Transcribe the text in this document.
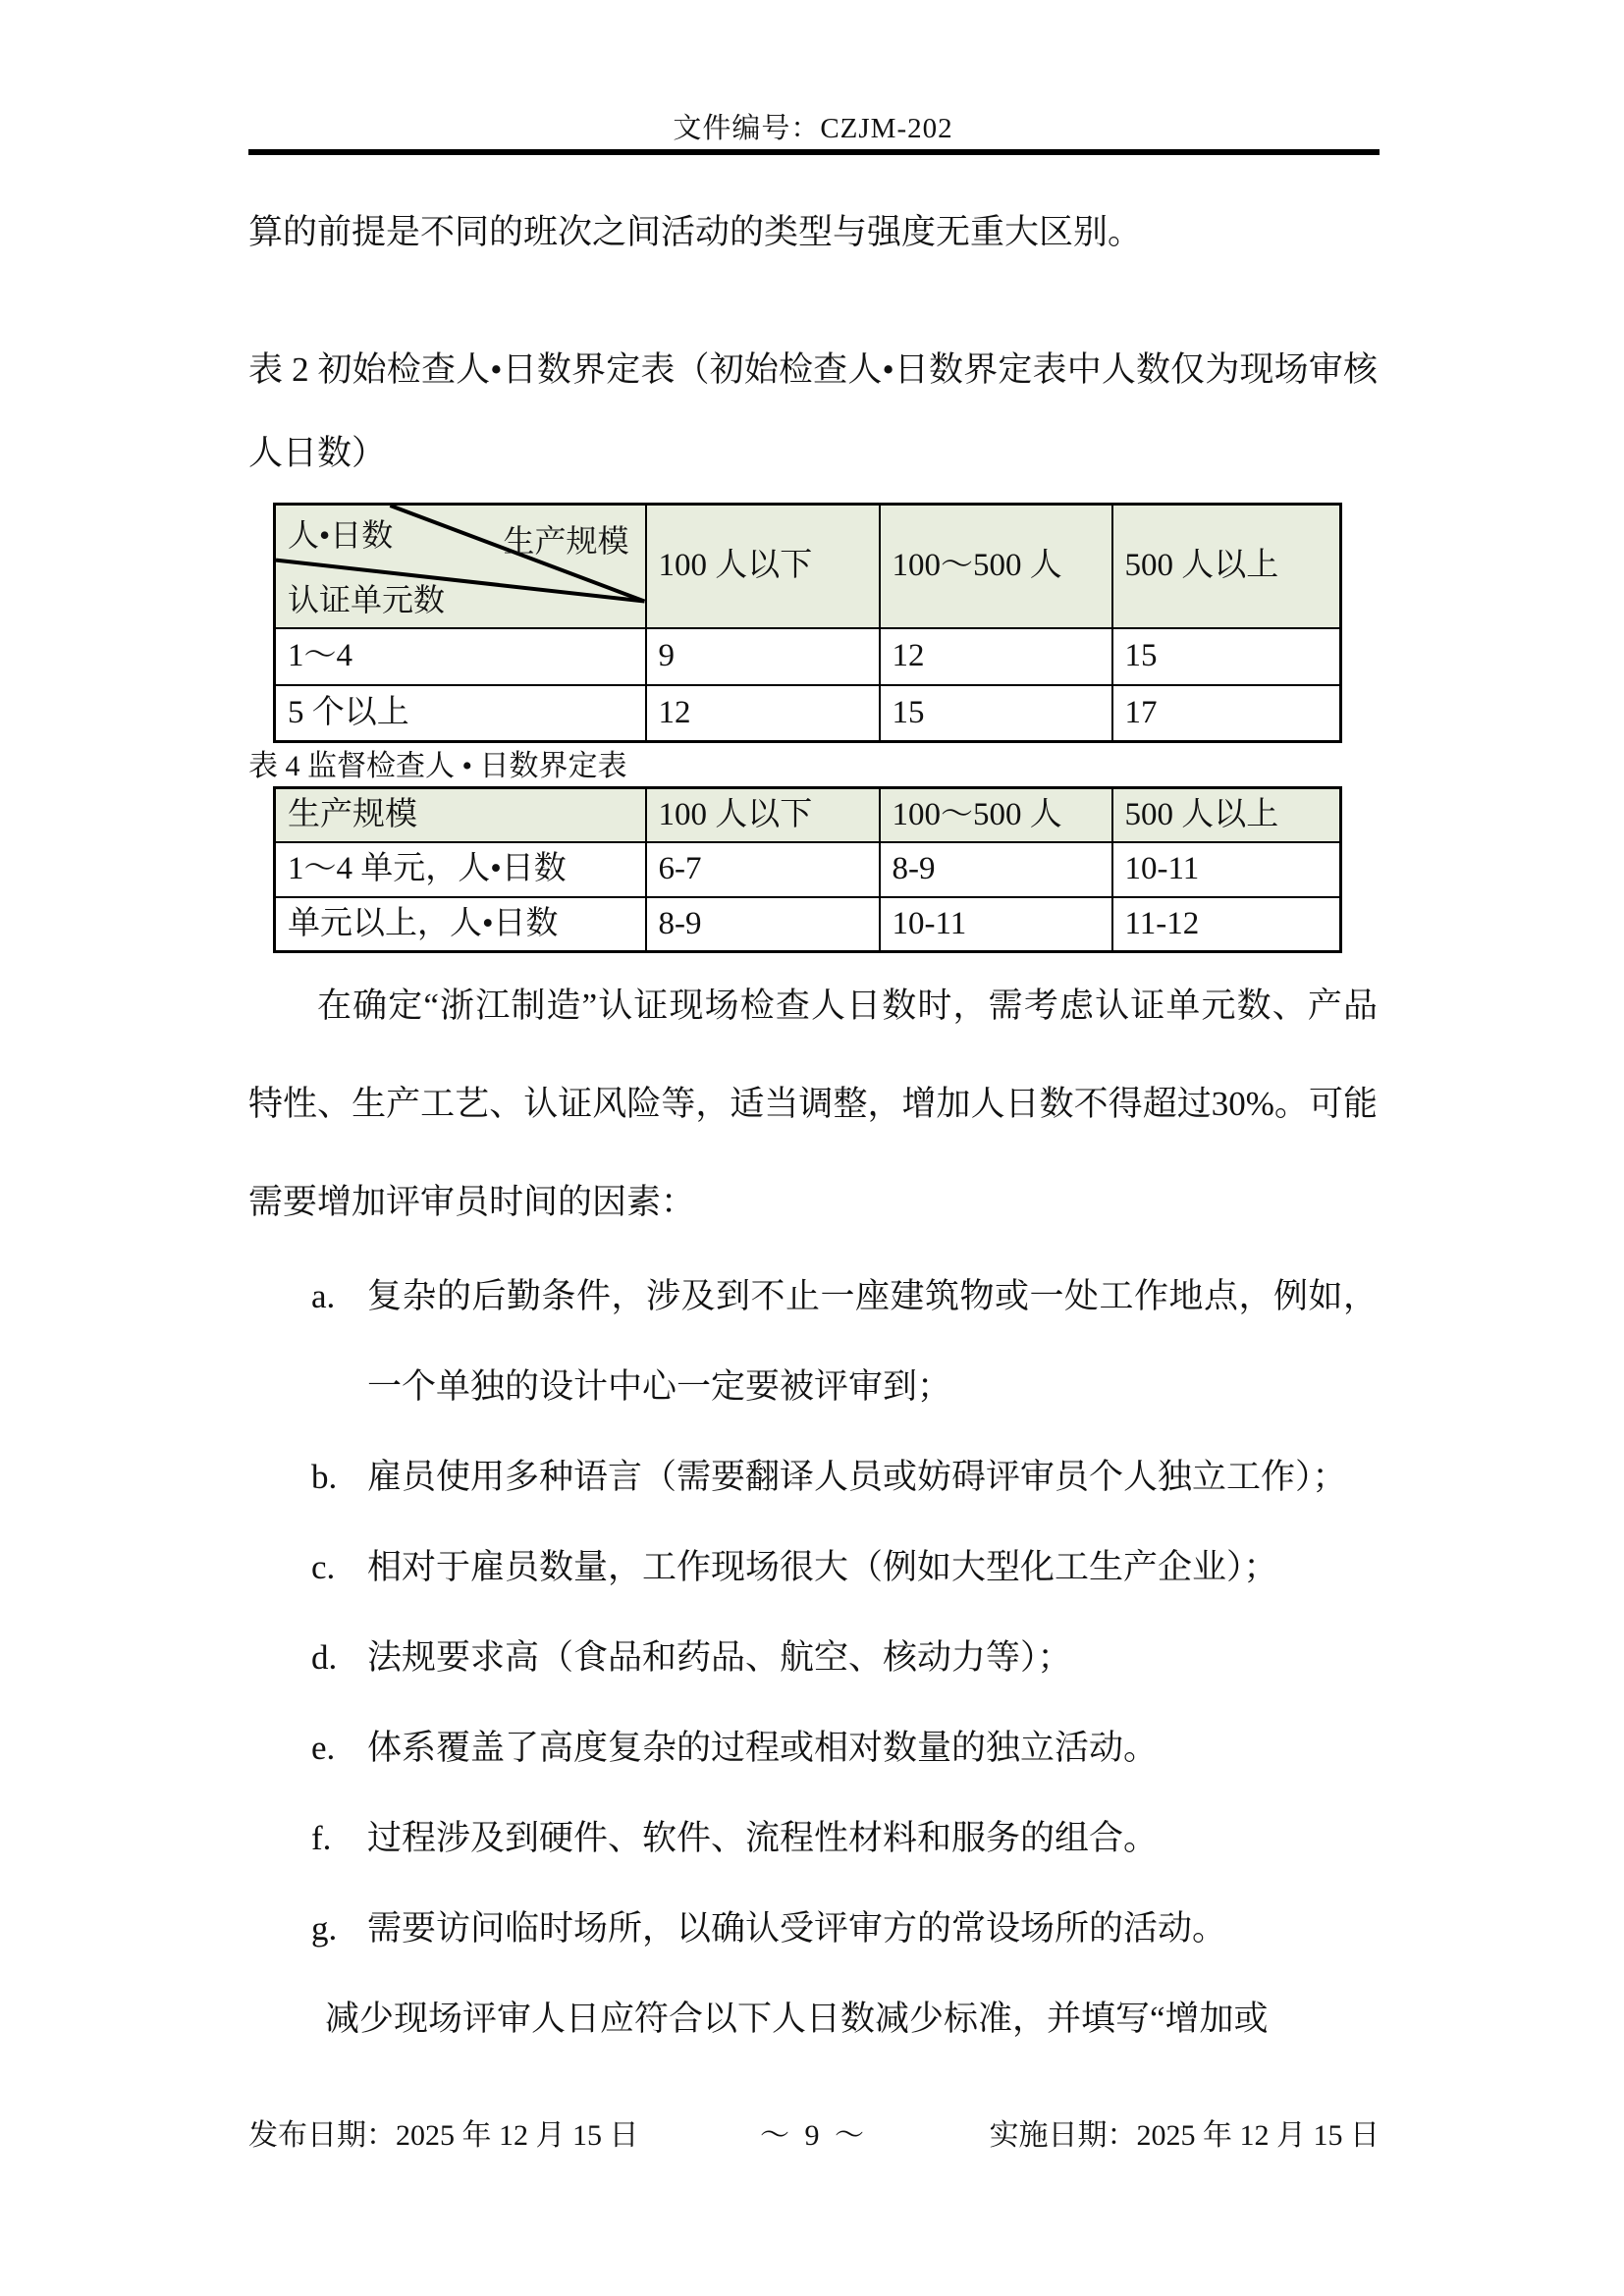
文件编号：CZJM-202
算的前提是不同的班次之间活动的类型与强度无重大区别。
表 2 初始检查人•日数界定表（初始检查人•日数界定表中人数仅为现场审核人日数）
人•日数 生产规模
认证单元数	100 人以下	100～500 人	500 人以上
1～4	9	12	15
5 个以上	12	15	17
表 4 监督检查人 • 日数界定表
生产规模	100 人以下	100～500 人	500 人以上
1～4 单元，人•日数	6-7	8-9	10-11
单元以上，人•日数	8-9	10-11	11-12
在确定“浙江制造”认证现场检查人日数时，需考虑认证单元数、产品特性、生产工艺、认证风险等，适当调整，增加人日数不得超过30%。可能需要增加评审员时间的因素：
a. 复杂的后勤条件，涉及到不止一座建筑物或一处工作地点，例如，一个单独的设计中心一定要被评审到；
b. 雇员使用多种语言（需要翻译人员或妨碍评审员个人独立工作）；
c. 相对于雇员数量，工作现场很大（例如大型化工生产企业）；
d. 法规要求高（食品和药品、航空、核动力等）；
e. 体系覆盖了高度复杂的过程或相对数量的独立活动。
f. 过程涉及到硬件、软件、流程性材料和服务的组合。
g. 需要访问临时场所，以确认受评审方的常设场所的活动。
减少现场评审人日应符合以下人日数减少标准，并填写“增加或
发布日期：2025 年 12 月 15 日	～ 9 ～	实施日期：2025 年 12 月 15 日
